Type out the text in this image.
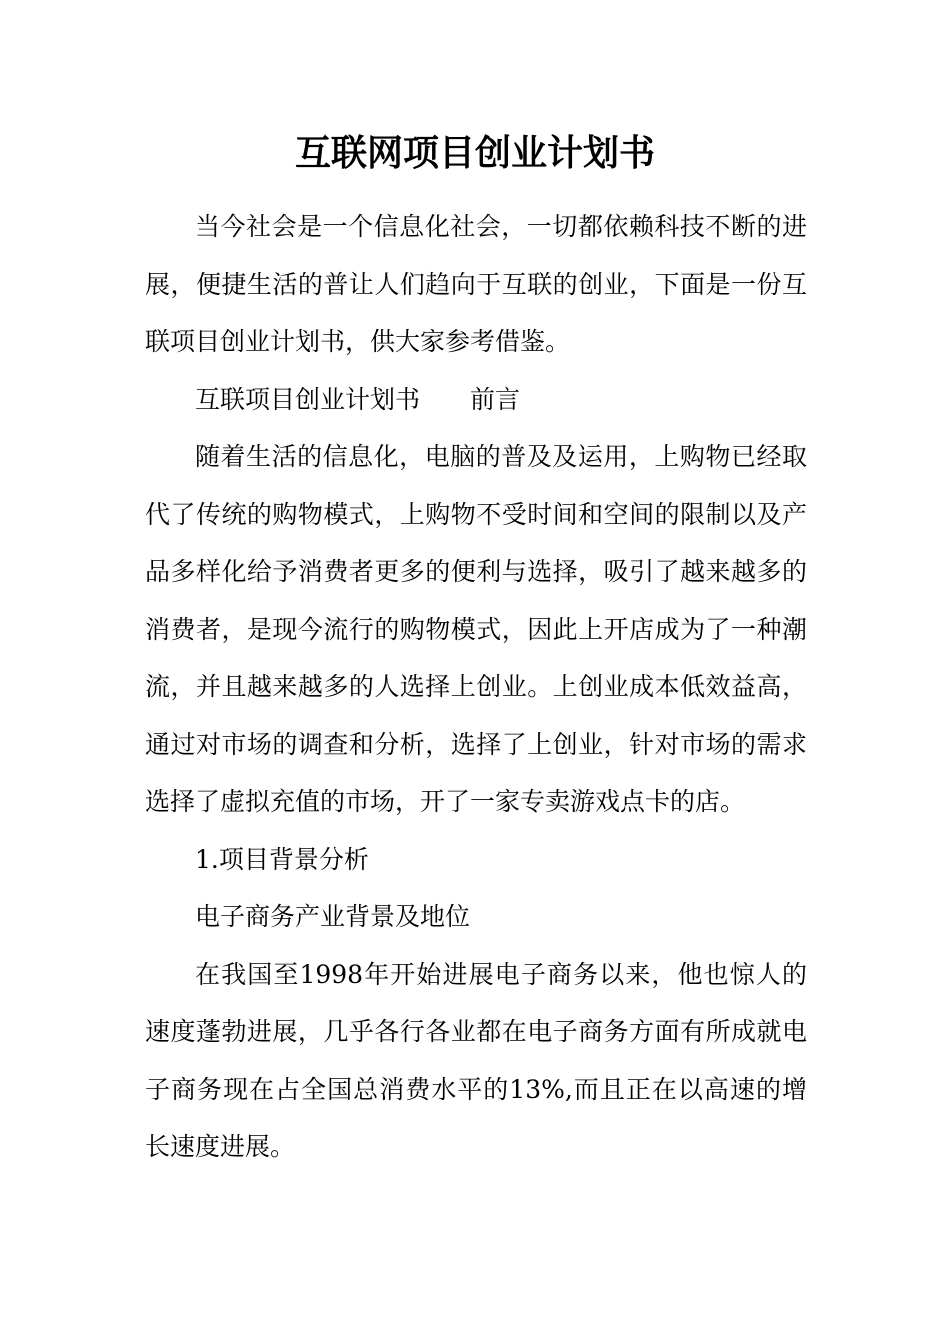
互联网项目创业计划书

当今社会是一个信息化社会，一切都依赖科技不断的进展，便捷生活的普让人们趋向于互联的创业，下面是一份互联项目创业计划书，供大家参考借鉴。

互联项目创业计划书 前言

随着生活的信息化，电脑的普及及运用，上购物已经取代了传统的购物模式，上购物不受时间和空间的限制以及产品多样化给予消费者更多的便利与选择，吸引了越来越多的消费者，是现今流行的购物模式，因此上开店成为了一种潮流，并且越来越多的人选择上创业。上创业成本低效益高，通过对市场的调查和分析，选择了上创业，针对市场的需求选择了虚拟充值的市场，开了一家专卖游戏点卡的店。

1.项目背景分析

电子商务产业背景及地位

在我国至1998年开始进展电子商务以来，他也惊人的速度蓬勃进展，几乎各行各业都在电子商务方面有所成就电子商务现在占全国总消费水平的13%,而且正在以高速的增长速度进展。
